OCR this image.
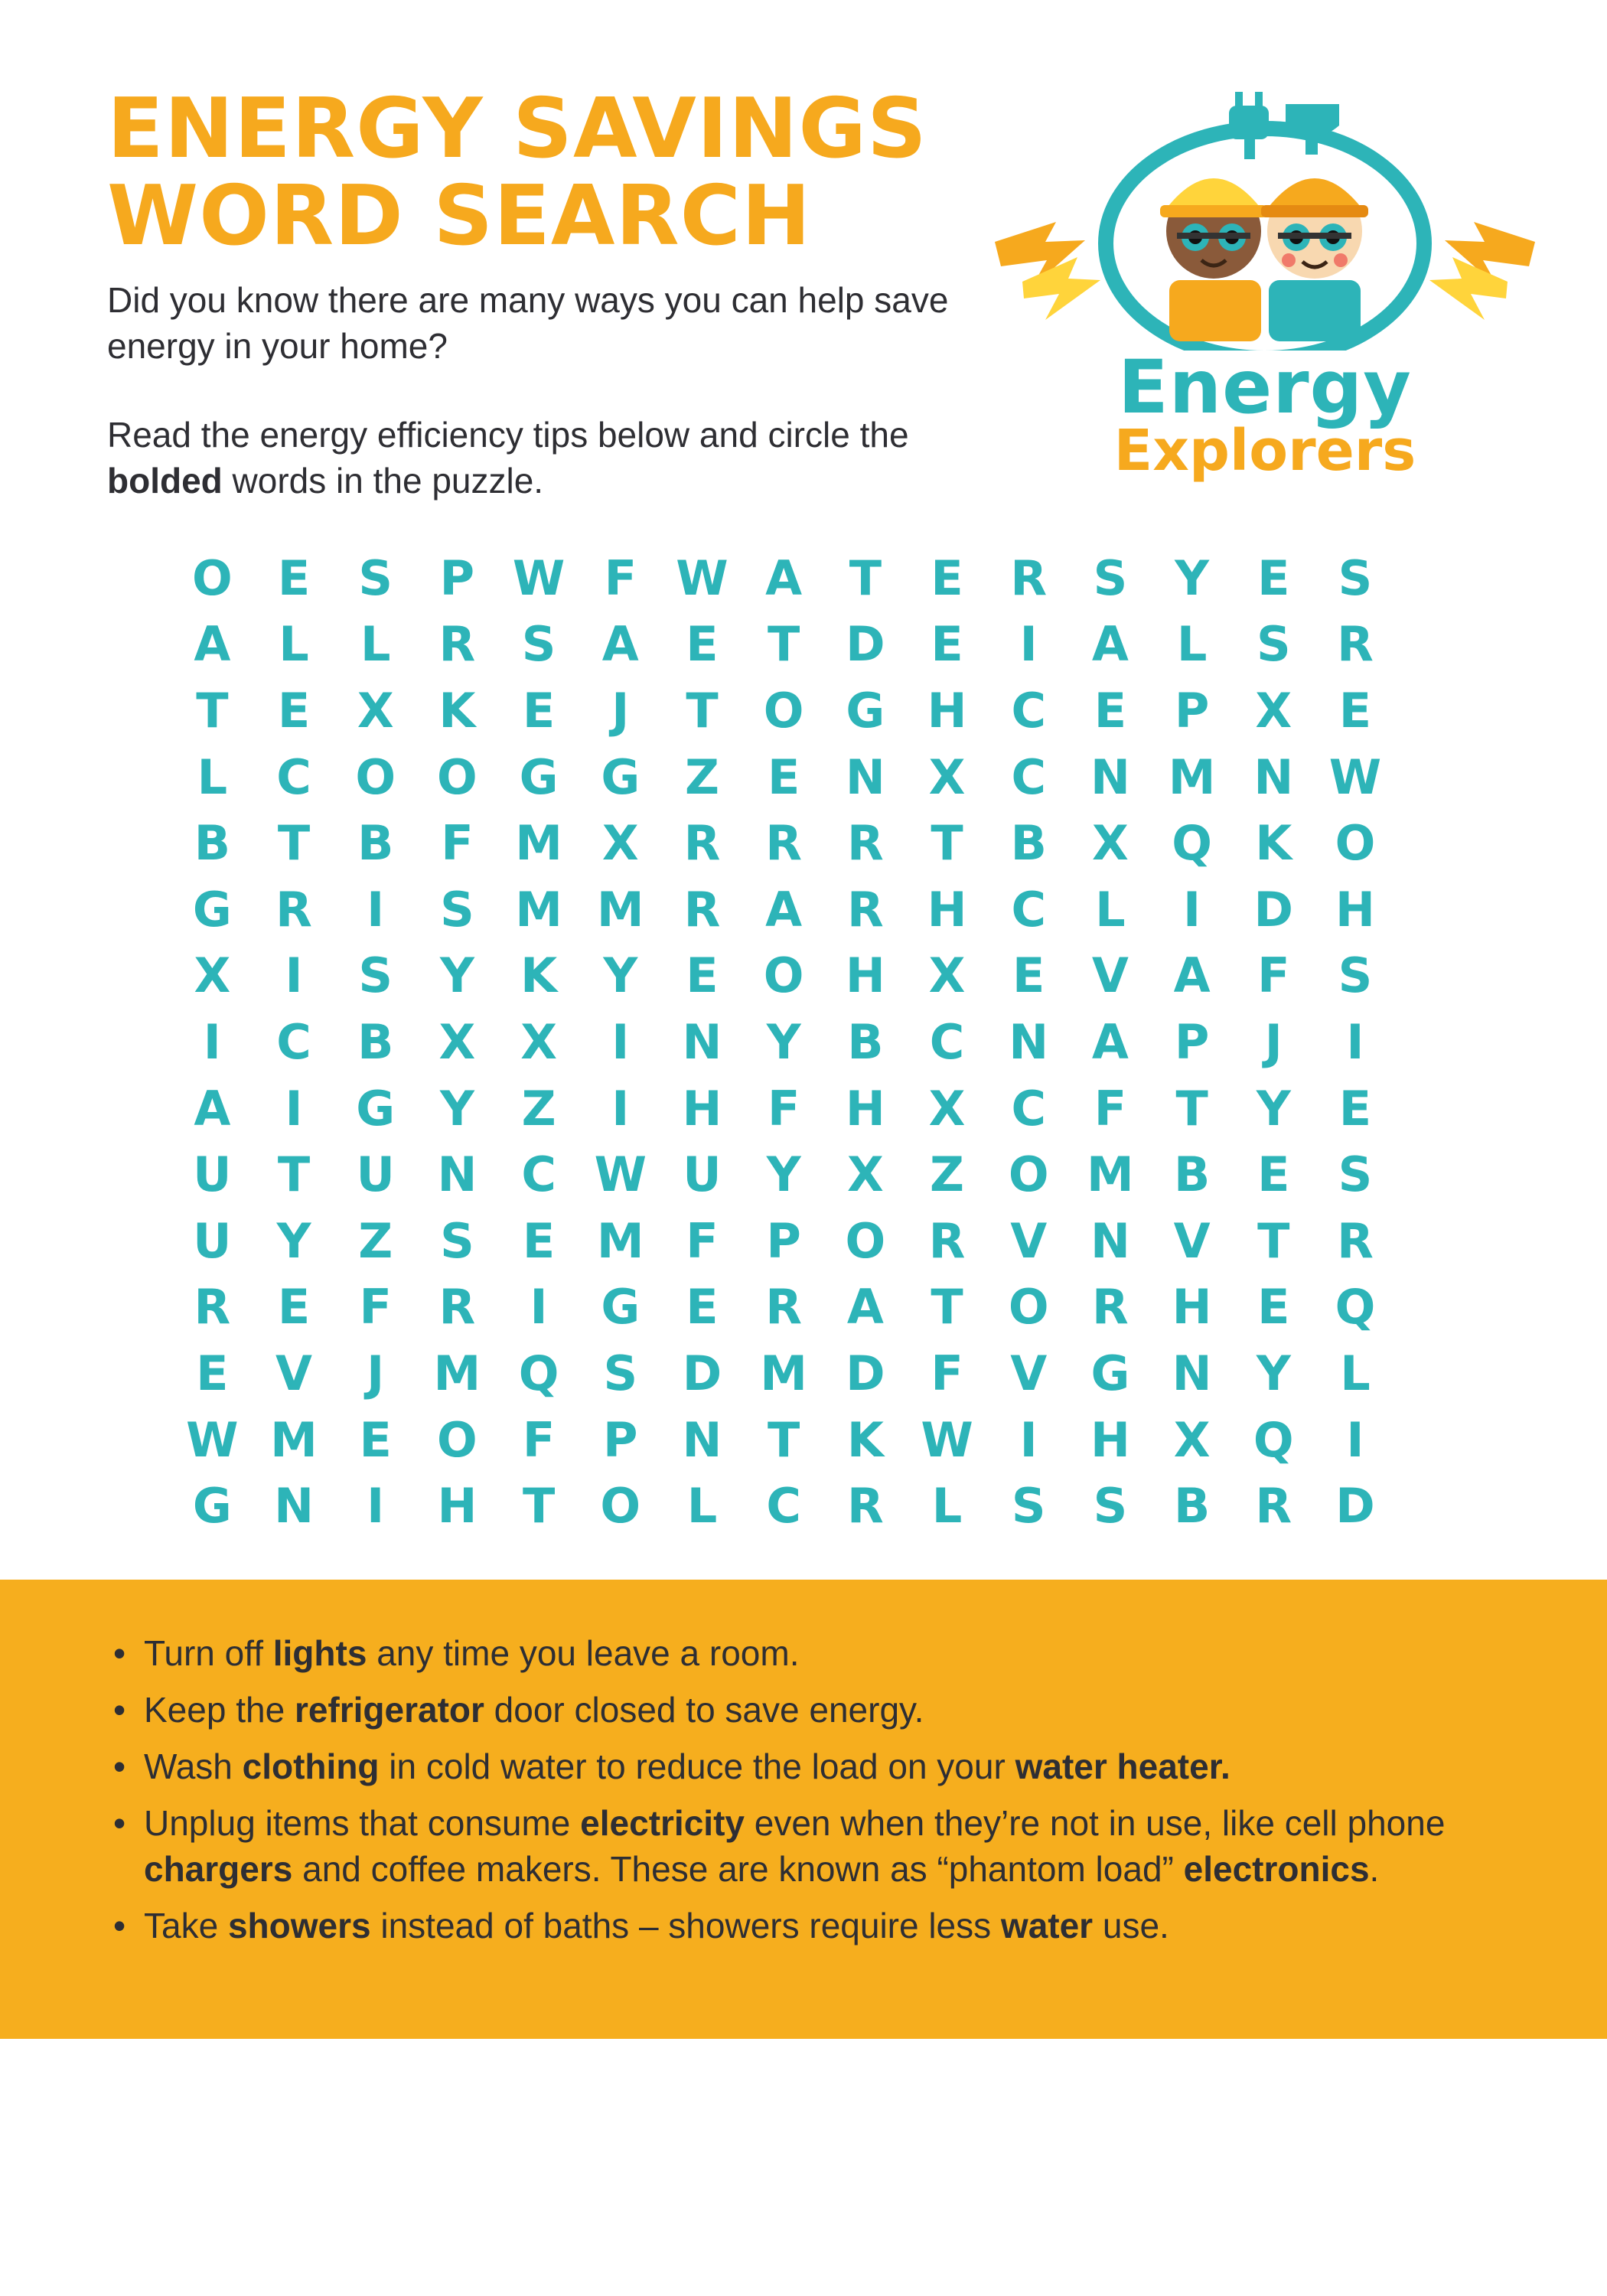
ENERGY SAVINGS
WORD SEARCH

Did you know there are many ways you can help save energy in your home?

Read the energy efficiency tips below and circle the bolded words in the puzzle.

Energy
Explorers
O E	S P W F W A T	E R S Y	E	S
A	L	L	R S A E	T D E	I	A	L	S R
T	E X K E	J	T O G H C	E	P X E
L	C O O G G Z	E N X C N M N W
B T B F M X R R R T B X Q K O
G R	I	S M M R A R H C	L	I	D H
X	I	S Y K Y	E O H X E V A F	S
I	C B X X	I	N Y B C N A P	J	I
A	I	G Y Z	I	H F H X C	F	T	Y	E
U T U N C W U Y X Z O M B E	S
U Y Z S	E M F	P O R V N V T R
R E	F R	I	G E R A T O R H E Q
E V	J	M Q S D M D F V G N Y	L
W M E O F	P N T K W I	H X Q	I
G N	I	H T O L	C R	L	S	S B R D
• Turn off lights any time you leave a room.
• Keep the refrigerator door closed to save energy.
• Wash clothing in cold water to reduce the load on your water heater.
• Unplug items that consume electricity even when they’re not in use, like cell phone chargers and coffee makers. These are known as “phantom load” electronics.
• Take showers instead of baths – showers require less water use.
